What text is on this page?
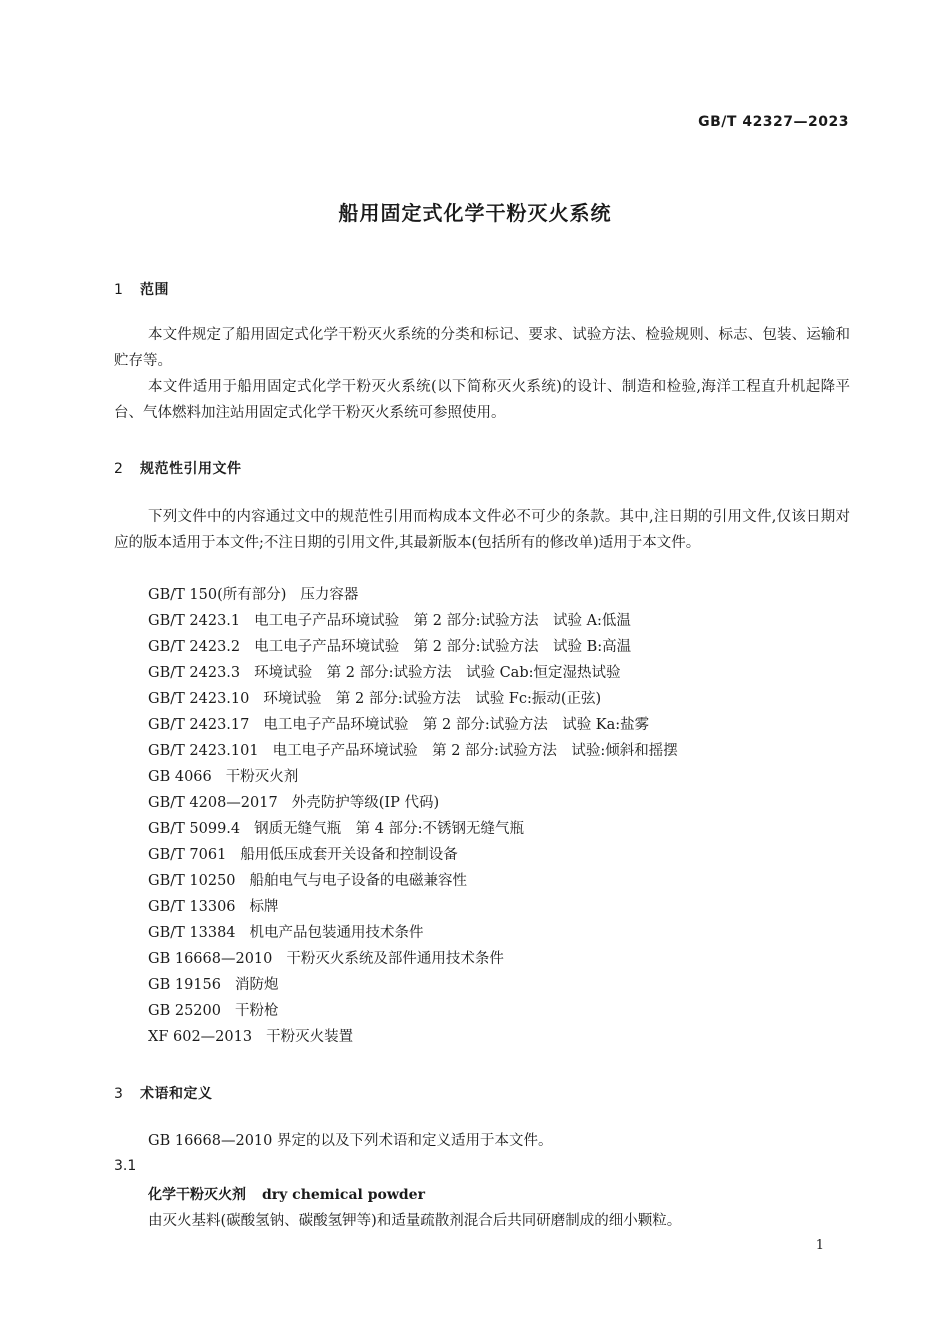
GB/T 42327—2023
船用固定式化学干粉灭火系统
1 范围

本文件规定了船用固定式化学干粉灭火系统的分类和标记、要求、试验方法、检验规则、标志、包装、运输和贮存等。

本文件适用于船用固定式化学干粉灭火系统(以下简称灭火系统)的设计、制造和检验,海洋工程直升机起降平台、气体燃料加注站用固定式化学干粉灭火系统可参照使用。

2 规范性引用文件

下列文件中的内容通过文中的规范性引用而构成本文件必不可少的条款。其中,注日期的引用文件,仅该日期对应的版本适用于本文件;不注日期的引用文件,其最新版本(包括所有的修改单)适用于本文件。

GB/T 150(所有部分) 压力容器
GB/T 2423.1 电工电子产品环境试验　第 2 部分:试验方法　试验 A:低温
GB/T 2423.2 电工电子产品环境试验　第 2 部分:试验方法　试验 B:高温
GB/T 2423.3 环境试验　第 2 部分:试验方法　试验 Cab:恒定湿热试验
GB/T 2423.10 环境试验　第 2 部分:试验方法　试验 Fc:振动(正弦)
GB/T 2423.17 电工电子产品环境试验　第 2 部分:试验方法　试验 Ka:盐雾
GB/T 2423.101 电工电子产品环境试验　第 2 部分:试验方法　试验:倾斜和摇摆
GB 4066 干粉灭火剂
GB/T 4208—2017 外壳防护等级(IP 代码)
GB/T 5099.4 钢质无缝气瓶　第 4 部分:不锈钢无缝气瓶
GB/T 7061 船用低压成套开关设备和控制设备
GB/T 10250 船舶电气与电子设备的电磁兼容性
GB/T 13306 标牌
GB/T 13384 机电产品包装通用技术条件
GB 16668—2010 干粉灭火系统及部件通用技术条件
GB 19156 消防炮
GB 25200 干粉枪
XF 602—2013 干粉灭火装置
3 术语和定义
GB 16668—2010 界定的以及下列术语和定义适用于本文件。
3.1
化学干粉灭火剂 dry chemical powder
由灭火基料(碳酸氢钠、碳酸氢钾等)和适量疏散剂混合后共同研磨制成的细小颗粒。
1
